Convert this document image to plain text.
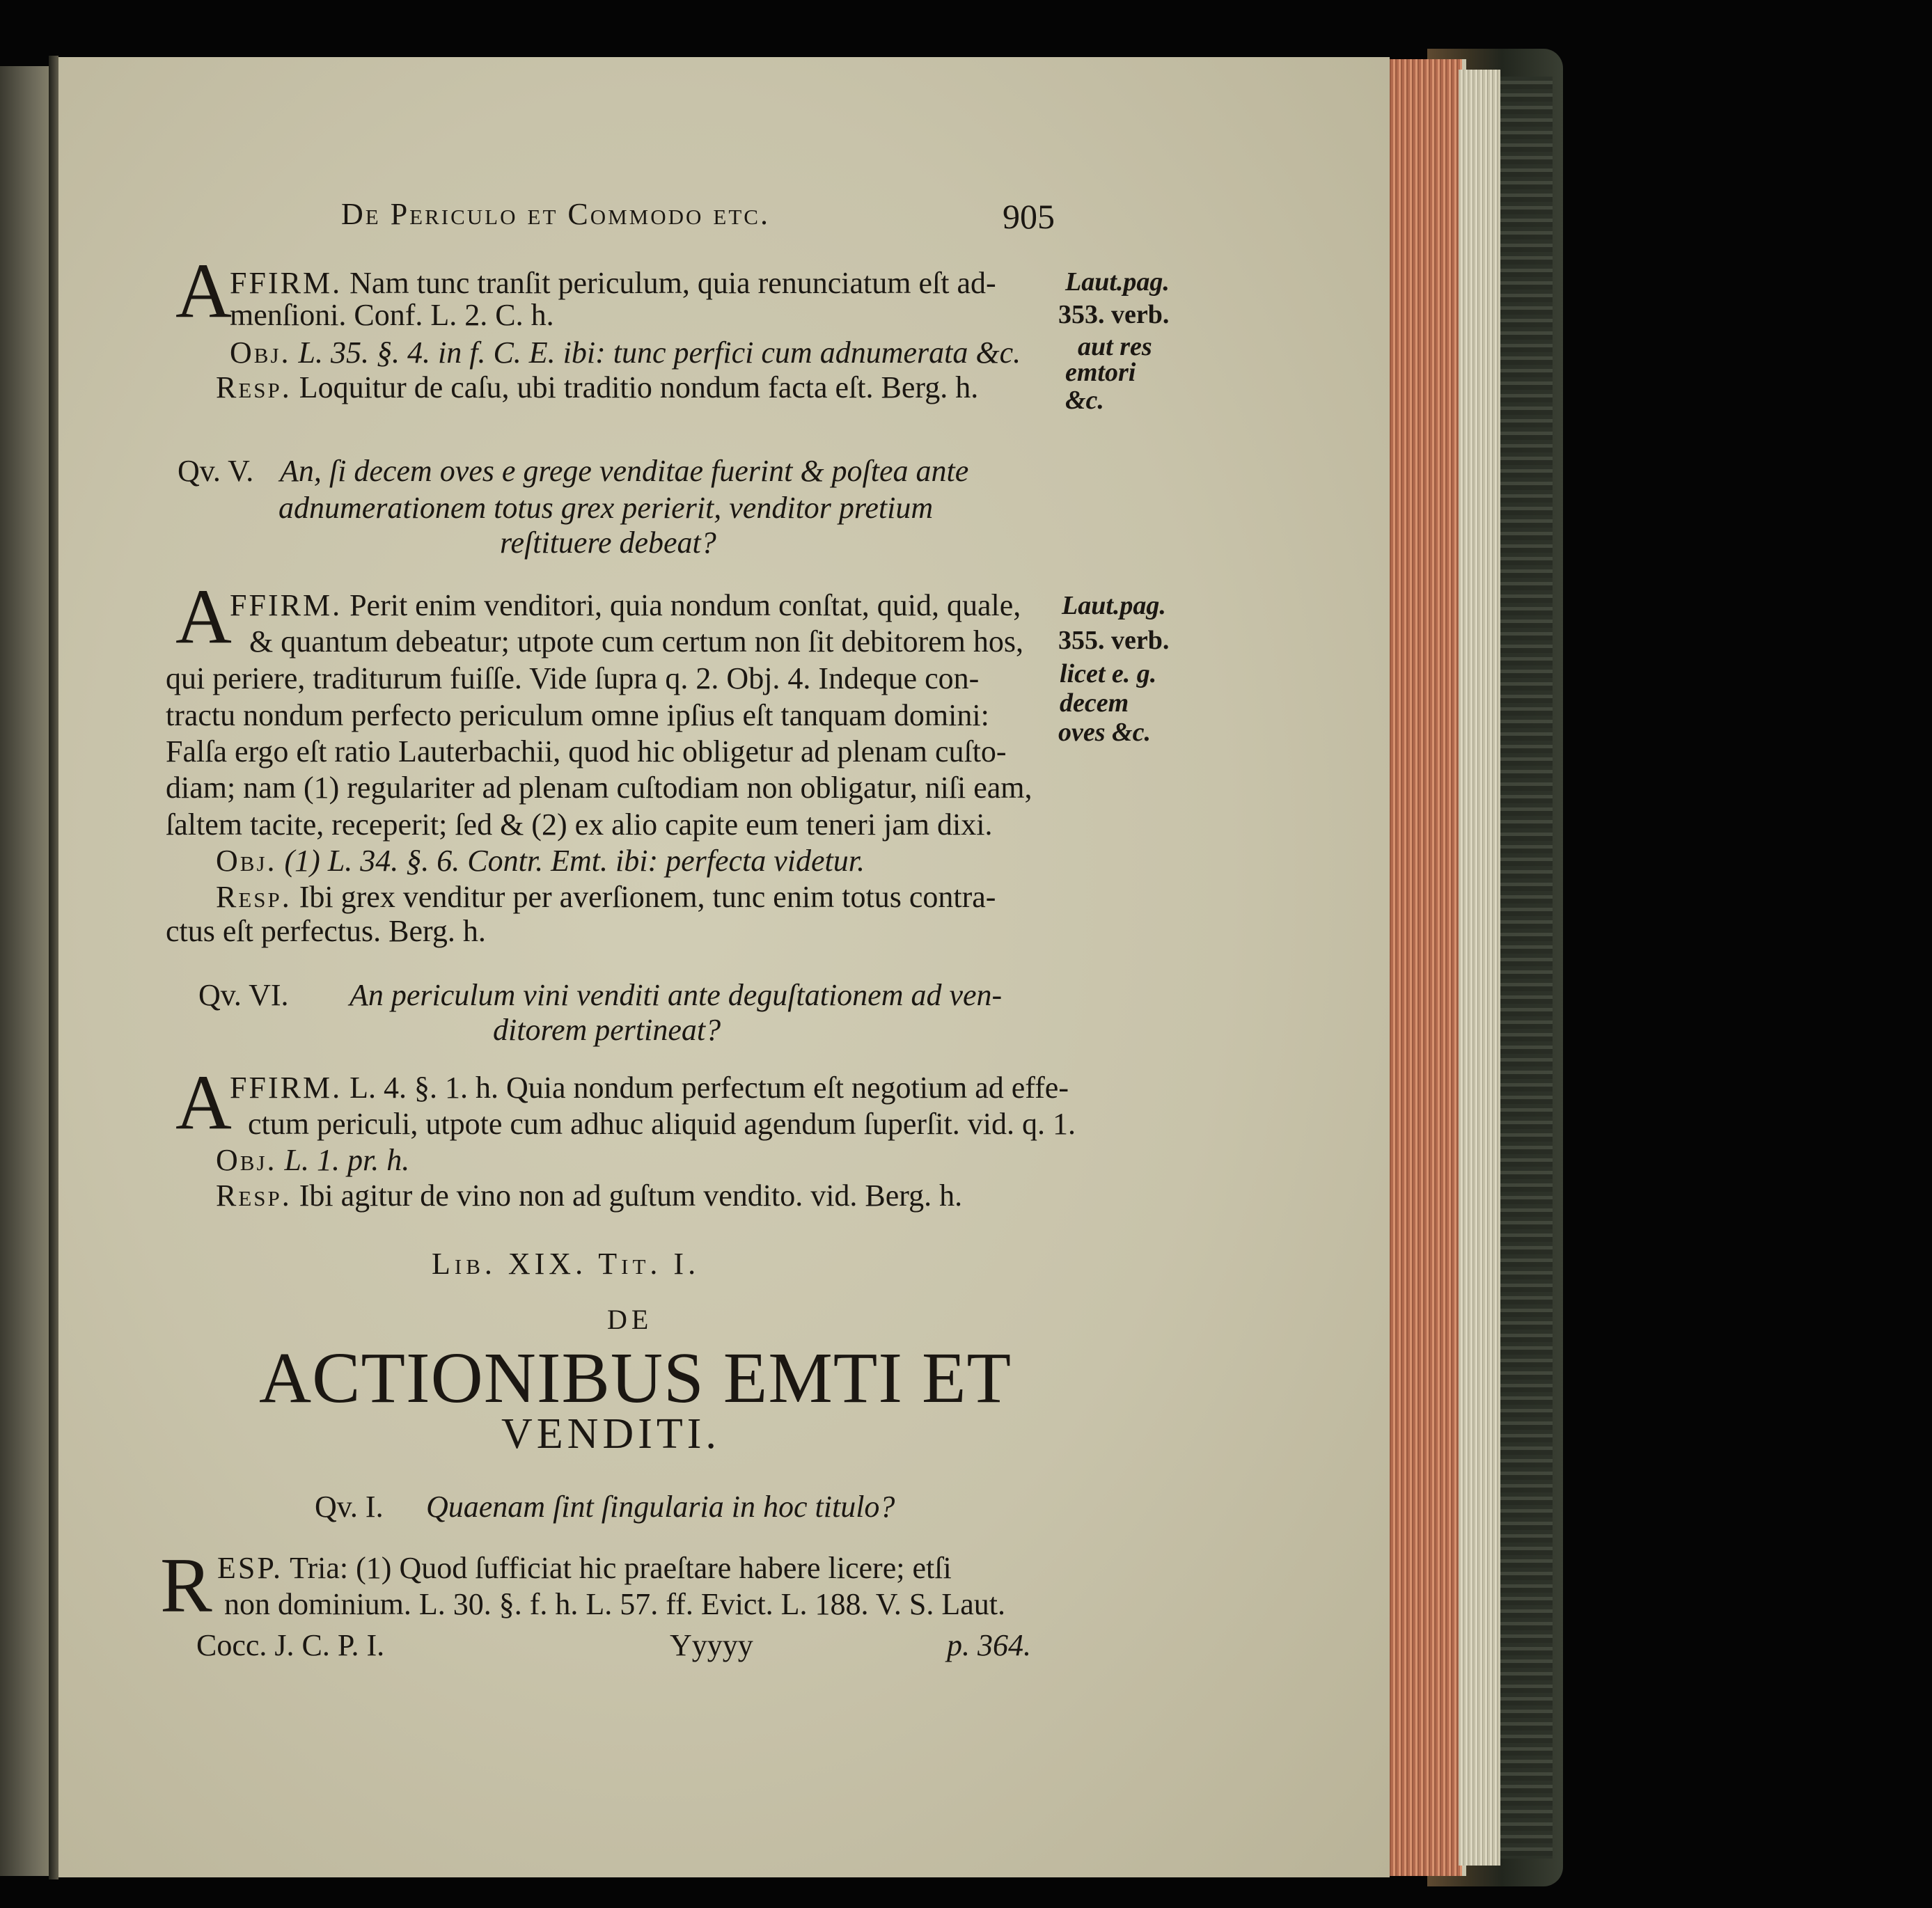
De Periculo et Commodo etc.	905
A
FFIRM. Nam tunc tranſit periculum, quia renunciatum eſt ad-
menſioni. Conf. L. 2. C. h.
Obj. L. 35. §. 4. in f. C. E. ibi: tunc perfici cum adnumerata &c.
Resp. Loquitur de caſu, ubi traditio nondum facta eſt. Berg. h.
Laut.pag.
353. verb.
aut res
emtori
&c.
Qv. V. An, ſi decem oves e grege venditae fuerint & poſtea ante
adnumerationem totus grex perierit, venditor pretium
reſtituere debeat?
A
FFIRM. Perit enim venditori, quia nondum conſtat, quid, quale,
& quantum debeatur; utpote cum certum non ſit debitorem hos,
qui periere, traditurum fuiſſe. Vide ſupra q. 2. Obj. 4. Indeque con-
tractu nondum perfecto periculum omne ipſius eſt tanquam domini:
Falſa ergo eſt ratio Lauterbachii, quod hic obligetur ad plenam cuſto-
diam; nam (1) regulariter ad plenam cuſtodiam non obligatur, niſi eam,
ſaltem tacite, receperit; ſed & (2) ex alio capite eum teneri jam dixi.
Obj. (1) L. 34. §. 6. Contr. Emt. ibi: perfecta videtur.
Resp. Ibi grex venditur per averſionem, tunc enim totus contra-
ctus eſt perfectus. Berg. h.
Laut.pag.
355. verb.
licet e. g.
decem
oves &c.
Qv. VI. An periculum vini venditi ante deguſtationem ad ven-
ditorem pertineat?
A
FFIRM. L. 4. §. 1. h. Quia nondum perfectum eſt negotium ad effe-
ctum periculi, utpote cum adhuc aliquid agendum ſuperſit. vid. q. 1.
Obj. L. 1. pr. h.
Resp. Ibi agitur de vino non ad guſtum vendito. vid. Berg. h.
Lib. XIX. Tit. I.
DE
ACTIONIBUS EMTI ET
VENDITI.
Qv. I. Quaenam ſint ſingularia in hoc titulo?
R ESP. Tria: (1) Quod ſufficiat hic praeſtare habere licere; etſi
non dominium. L. 30. §. f. h. L. 57. ff. Evict. L. 188. V. S. Laut.
Cocc. J. C. P. I.	Yyyyy	p. 364.
